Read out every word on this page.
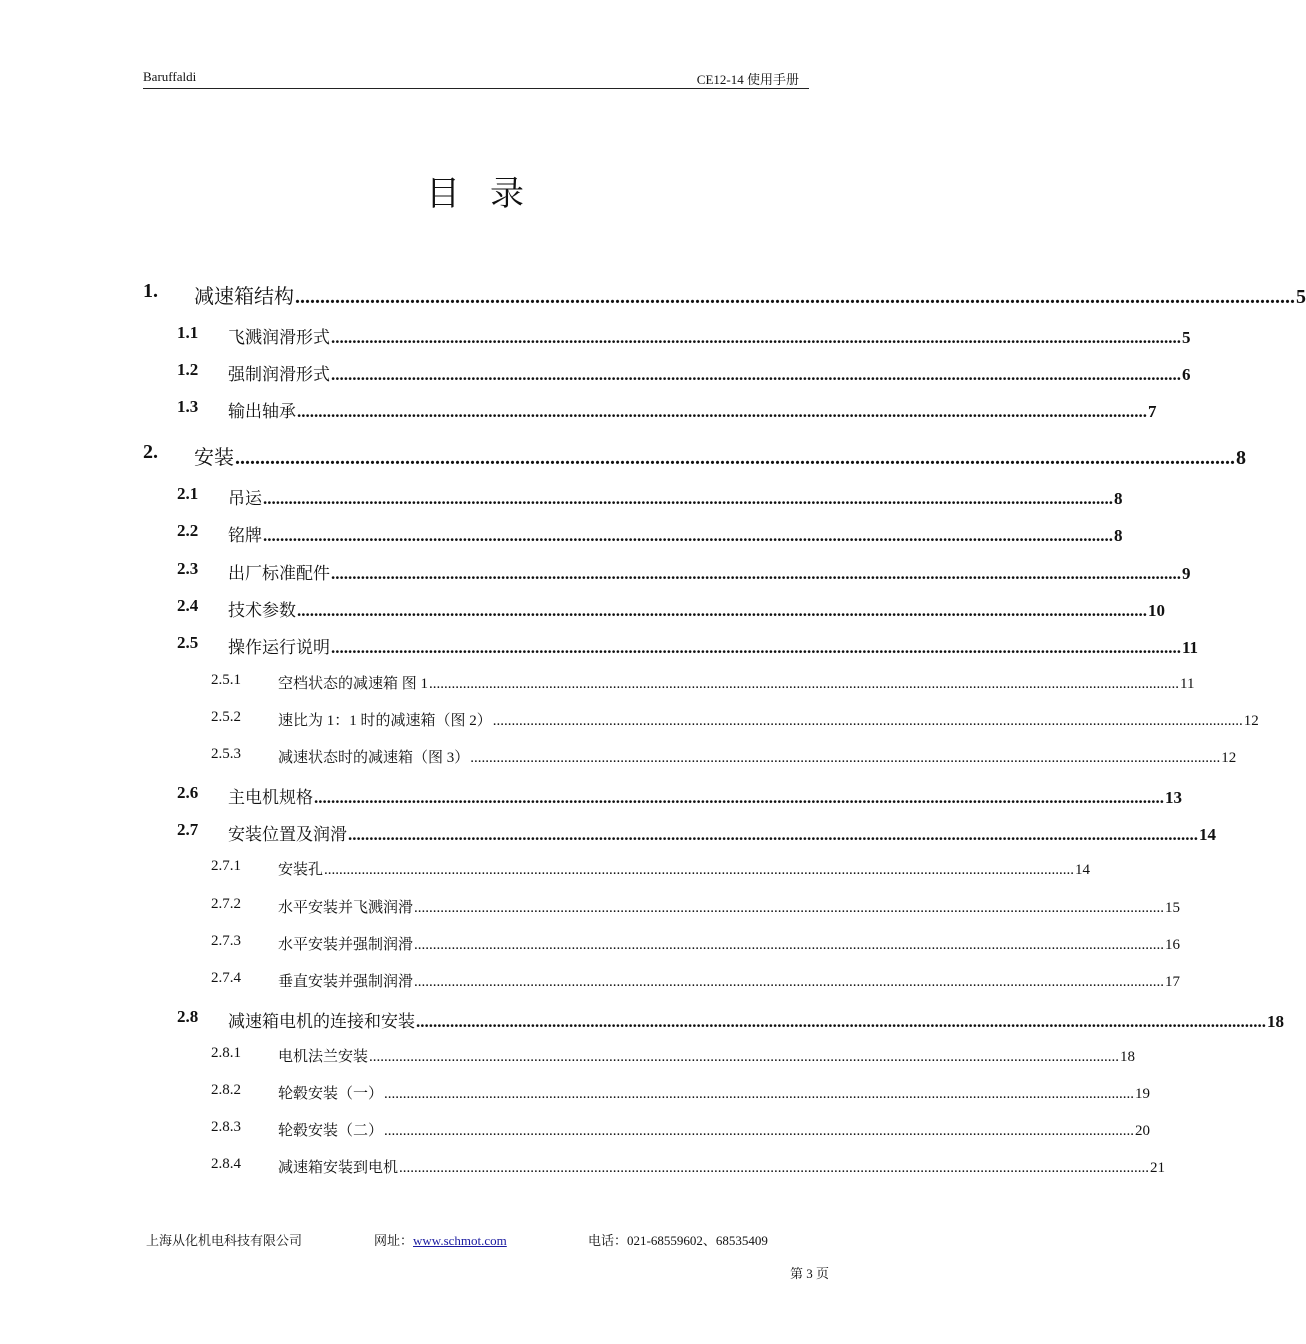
Baruffaldi	CE12-14 使用手册
目录
1. 减速箱结构 ........................................................................................................................................................................................................ 5
1.1 飞溅润滑形式 ........................................................................................................................................................................................................ 5
1.2 强制润滑形式 ........................................................................................................................................................................................................ 6
1.3 输出轴承 ........................................................................................................................................................................................................ 7
2. 安装 ........................................................................................................................................................................................................ 8
2.1 吊运 ........................................................................................................................................................................................................ 8
2.2 铭牌 ........................................................................................................................................................................................................ 8
2.3 出厂标准配件 ........................................................................................................................................................................................................ 9
2.4 技术参数 ........................................................................................................................................................................................................ 10
2.5 操作运行说明 ........................................................................................................................................................................................................ 11
2.5.1 空档状态的减速箱 图 1 ........................................................................................................................................................................................................ 11
2.5.2 速比为 1：1 时的减速箱（图 2） ........................................................................................................................................................................................................ 12
2.5.3 减速状态时的减速箱（图 3） ........................................................................................................................................................................................................ 12
2.6 主电机规格 ........................................................................................................................................................................................................ 13
2.7 安装位置及润滑 ........................................................................................................................................................................................................ 14
2.7.1 安装孔 ........................................................................................................................................................................................................ 14
2.7.2 水平安装并飞溅润滑 ........................................................................................................................................................................................................ 15
2.7.3 水平安装并强制润滑 ........................................................................................................................................................................................................ 16
2.7.4 垂直安装并强制润滑 ........................................................................................................................................................................................................ 17
2.8 减速箱电机的连接和安装 ........................................................................................................................................................................................................ 18
2.8.1 电机法兰安装 ........................................................................................................................................................................................................ 18
2.8.2 轮毂安装（一） ........................................................................................................................................................................................................ 19
2.8.3 轮毂安装（二） ........................................................................................................................................................................................................ 20
2.8.4 减速箱安装到电机 ........................................................................................................................................................................................................ 21
上海从化机电科技有限公司	网址：www.schmot.com	电话：021-68559602、68535409
第 3 页
